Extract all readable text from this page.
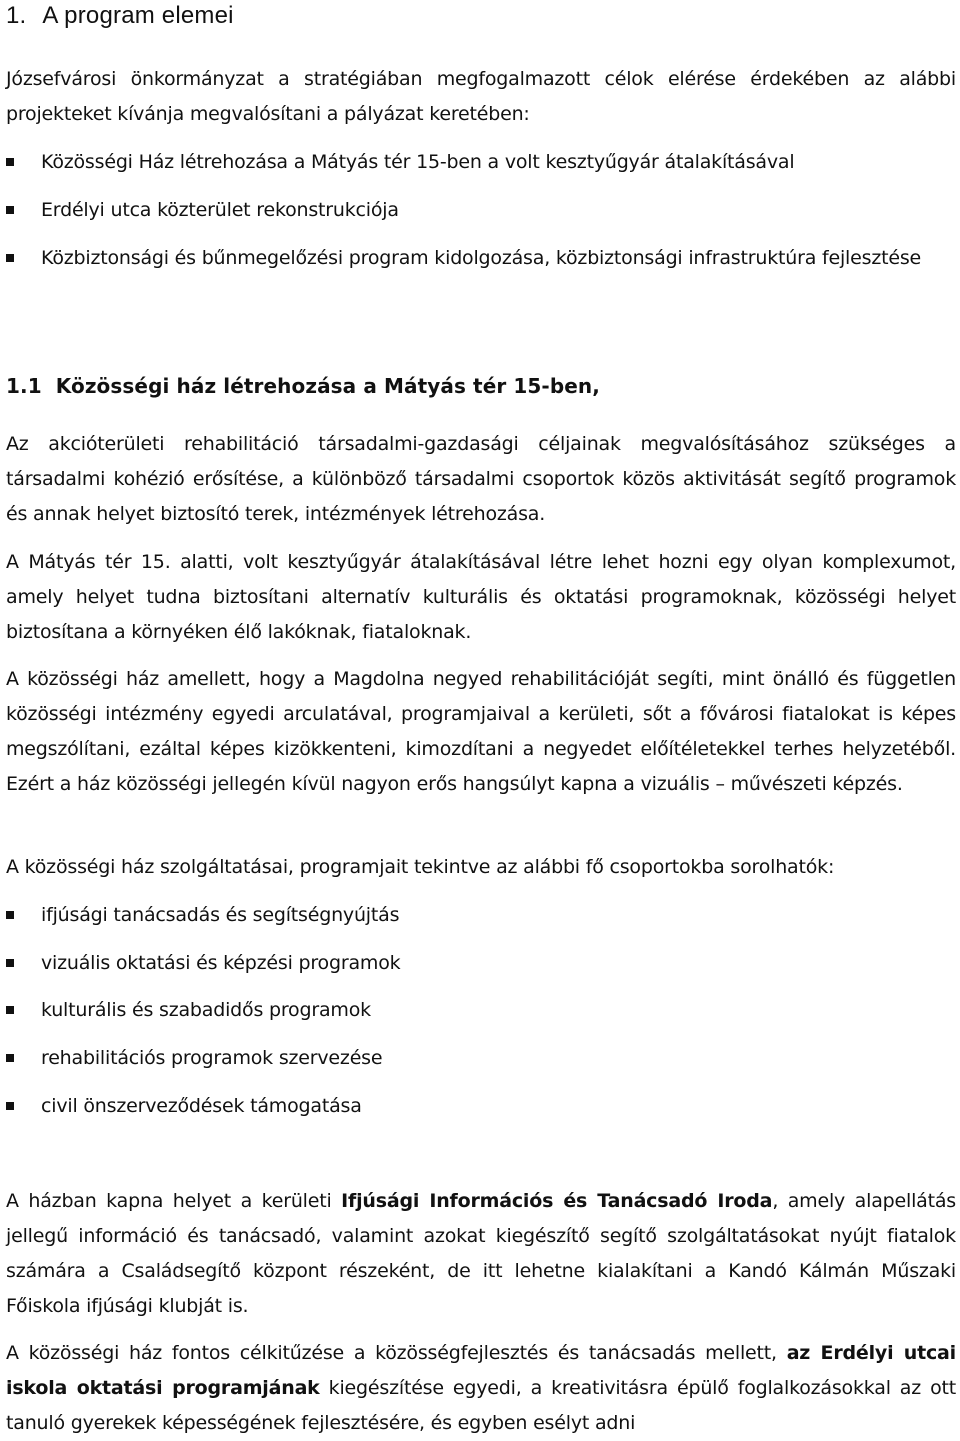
1. A program elemei

Józsefvárosi önkormányzat a stratégiában megfogalmazott célok elérése érdekében az alábbi projekteket kívánja megvalósítani a pályázat keretében:

Közösségi Ház létrehozása a Mátyás tér 15-ben a volt kesztyűgyár átalakításával
Erdélyi utca közterület rekonstrukciója
Közbiztonsági és bűnmegelőzési program kidolgozása, közbiztonsági infrastruktúra fejlesztése
1.1 Közösségi ház létrehozása a Mátyás tér 15-ben,

Az akcióterületi rehabilitáció társadalmi-gazdasági céljainak megvalósításához szükséges a társadalmi kohézió erősítése, a különböző társadalmi csoportok közös aktivitását segítő programok és annak helyet biztosító terek, intézmények létrehozása.

A Mátyás tér 15. alatti, volt kesztyűgyár átalakításával létre lehet hozni egy olyan komplexumot, amely helyet tudna biztosítani alternatív kulturális és oktatási programoknak, közösségi helyet biztosítana a környéken élő lakóknak, fiataloknak.

A közösségi ház amellett, hogy a Magdolna negyed rehabilitációját segíti, mint önálló és független közösségi intézmény egyedi arculatával, programjaival a kerületi, sőt a fővárosi fiatalokat is képes megszólítani, ezáltal képes kizökkenteni, kimozdítani a negyedet előítéletekkel terhes helyzetéből. Ezért a ház közösségi jellegén kívül nagyon erős hangsúlyt kapna a vizuális – művészeti képzés.

A közösségi ház szolgáltatásai, programjait tekintve az alábbi fő csoportokba sorolhatók:

ifjúsági tanácsadás és segítségnyújtás
vizuális oktatási és képzési programok
kulturális és szabadidős programok
rehabilitációs programok szervezése
civil önszerveződések támogatása

A házban kapna helyet a kerületi Ifjúsági Információs és Tanácsadó Iroda, amely alapellátás jellegű információ és tanácsadó, valamint azokat kiegészítő segítő szolgáltatásokat nyújt fiatalok számára a Családsegítő központ részeként, de itt lehetne kialakítani a Kandó Kálmán Műszaki Főiskola ifjúsági klubját is.

A közösségi ház fontos célkitűzése a közösségfejlesztés és tanácsadás mellett, az Erdélyi utcai iskola oktatási programjának kiegészítése egyedi, a kreativitásra épülő foglalkozásokkal az ott tanuló gyerekek képességének fejlesztésére, és egyben esélyt adni
